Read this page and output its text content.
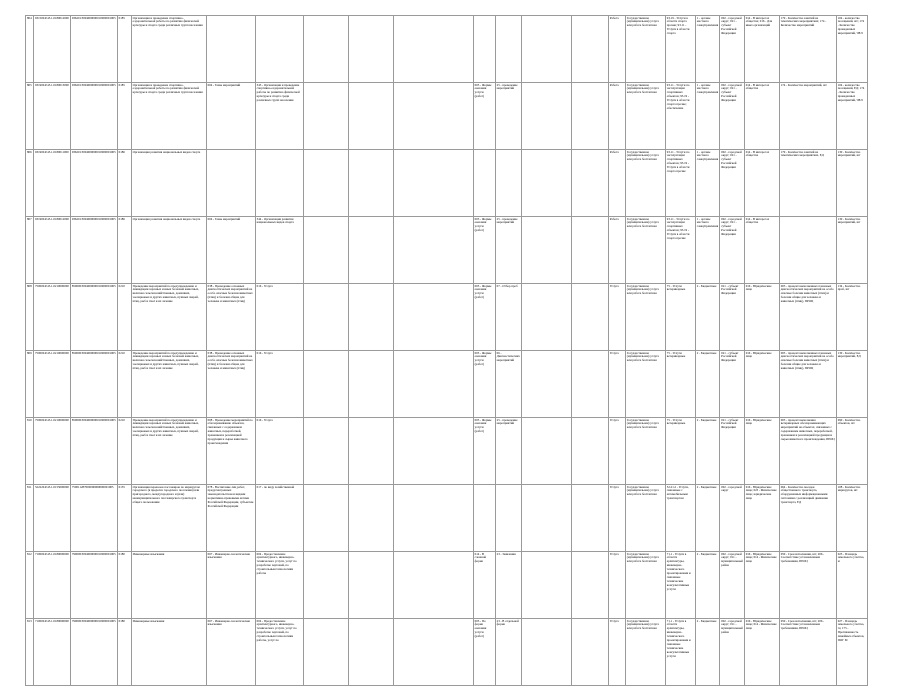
804	931500.Р.45.1.0180012000	936201Э004000000010000001005	0185	Организация и проведение спортивно-оздоровительной работы по развитию физической культуры и спорта среди различных групп населения										Работа	Государственная (муниципальная) услуга или работа бесплатная	93.19 - Услуги в области спорта прочие; 93.11 - Услуги в области спорта	1 - органы местного самоуправления	002 - городской округ; 021 - субъект Российской Федерации	014 - В интересах общества; 016 - Для иных организаций	179 - Количество занятий на тематических мероприятиях; 174 - Количество мероприятий	104 - количество посещений, шт; 174 - Количество проведенных мероприятий, ЧЕЛ
805	931900.Р.45.1.0180013000	936201Э004000000010000001005	0185	Организация и проведение спортивно-оздоровительной работы по развитию физической культуры и спорта среди различных групп населения	004 - Темы мероприятий	343 - Организация и проведение спортивно-оздоровительной работы по развитию физической культуры и спорта среди различных групп населения				005 - Формы оказания услуги (работ)	25 - проведение мероприятий			Работа	Государственная (муниципальная) услуга или работа бесплатная	93.11 - Услуги по эксплуатации спортивных объектов; 93.19 - Услуги в области спорта прочие; обеспечение	1 - органы местного самоуправления	002 - городской округ; 021 - субъект Российской Федерации	014 - В интересах общества	174 - Количество мероприятий, шт	104 - количество посещений, ЕД; 174 - Количество проведенных мероприятий, ЧЕЛ
806	931900.Р.45.1.0180011000	936201Э004000000010000001005	0186	Организация развития национальных видов спорта										Работа	Государственная (муниципальная) услуга или работа бесплатная	93.11 - Услуги по эксплуатации спортивных объектов; 93.19 - Услуги в области спорта прочие	1 - органы местного самоуправления	002 - городской округ; 021 - субъект Российской Федерации	014 - В интересах общества	179 - Количество занятий на тематических мероприятиях, ЕД	130 - Количество мероприятий, шт
807	931900.Р.45.1.0180012000	936201Э004000000010000001005	0186	Организация развития национальных видов спорта	004 - Темы мероприятий	344 - Организация развития национальных видов спорта				005 - Формы оказания услуги (работ)	25 - проведение мероприятий			Работа	Государственная (муниципальная) услуга или работа бесплатная	93.11 - Услуги по эксплуатации спортивных объектов; 93.19 - Услуги в области спорта прочие	1 - органы местного самоуправления	002 - городской округ; 021 - субъект Российской Федерации	014 - В интересах общества		130 - Количество мероприятий, шт
808	750000.Р.45.1.0210000000	850000Э004000000010000001005	0210	Проведение мероприятий по предупреждению и ликвидации заразных и иных болезней животных, включая сельскохозяйственных, домашних, зоопарковых и других животных, пушных зверей, птиц, рыб и пчел и их лечение	038 - Проведение основных диагностических мероприятий на особо опасные болезни животных (птиц) и болезни общие для человека и животных (птиц)	016 - Услуга				005 - Формы оказания услуги (работ)	07 - Отбор проб			Услуга	Государственная (муниципальная) услуга или работа бесплатная	75 - Услуги ветеринарные	2 - Бюджетные	021 - субъект Российской Федерации	016 - Юридические лица	003 - процент выполненных плановых диагностических мероприятий на особо опасные болезни животных (птиц) и болезни общие для человека и животных (птиц), ПРОЦ	134 - Количество проб, шт
809	750000.Р.45.1.0210000000	850000Э004000000010000001005	0210	Проведение мероприятий по предупреждению и ликвидации заразных и иных болезней животных, включая сельскохозяйственных, домашних, зоопарковых и других животных, пушных зверей, птиц, рыб и пчел и их лечение	038 - Проведение основных диагностических мероприятий на особо опасные болезни животных (птиц) и болезни общие для человека и животных (птиц)	016 - Услуга				005 - Формы оказания услуги (работ)	06 - Диагностических мероприятий			Услуга	Государственная (муниципальная) услуга или работа бесплатная	75 - Услуги ветеринарные	2 - Бюджетные	021 - субъект Российской Федерации	016 - Юридические лица	003 - процент выполненных плановых диагностических мероприятий на особо опасные болезни животных (птиц) и болезни общие для человека и животных (птиц), ПРОЦ	130 - Количество мероприятий, ЕД
810	750000.Р.45.1.0210000000	850000Э004000000010000001005	0210	Проведение мероприятий по предупреждению и ликвидации заразных и иных болезней животных, включая сельскохозяйственных, домашних, зоопарковых и других животных, пушных зверей, птиц, рыб и пчел и их лечение	008 - Проведение мероприятий по обеззараживанию объектов, связанных с содержанием животных, переработкой, хранением и реализацией продукции и сырья животного происхождения	016 - Услуга				005 - Формы оказания услуги (работ)	25 - проведение мероприятий			Услуга	Государственная (муниципальная) услуга или работа бесплатная	75 - Услуги ветеринарные	2 - Бюджетные	021 - субъект Российской Федерации	016 - Юридические лица	003 - процент выполнения ветеринарных обеззараживающих мероприятий на объектах, связанных с содержанием животных, переработкой, хранением и реализацией продукции и сырья животного происхождения, ПРОЦ	090 - Количество объектов, шт
811	522220.Р.45.1.0155000000	750011287000000000000001005	0155	Организация перевозок пассажиров по маршрутам городского (в пределах городского поселения) или пригородного, междугородного и (или) межмуниципального пассажирского транспорта общего пользования	078 - Воспитание лиц работ, предусмотренных законодательством и видами нормативно-правовыми актами Российской Федерации, субъектом Российской Федерации	017 - по виду хозяйственной								Услуга	Государственная (муниципальная) услуга или работа бесплатная	52.21.2 - Услуги, связанные с автомобильным транспортом	2 - Бюджетные	002 - городской округ	016 - Юридические лица; 023 - Физические лица; юридические лица	064 - Количество поездок общественного транспорта, оборудованных информационными системами с реализацией движения транспорта, ЕД	108 - Количество маршрутов, шт
812	710000.Р.45.1.0180000000	790000Э004000000010000001005	0180	Инженерные изыскания	067 - Инженерно-геологические изыскания	004 - Предоставление архитектурного, инженерно-технического услуги, услуг по разработке чертежей, по строительным технологиям работы				014 - В сложной форме	23 - Заявления			Услуга	Государственная (муниципальная) услуга или работа бесплатная	71.1 - Услуги в области архитектуры, инженерно-технического проектирования и связанные технические консультативные услуги	2 - Бюджетные	002 - городской округ; 011 - муниципальный район	016 - Юридические лица; 014 - Физические лица	050 - Срок исполнения, шт; 206 - Соответствие установленным требованиям, ПРОЦ	025 - Площадь земельного участка, м
813	710000.Р.45.1.0180000000	790000Э004000000010000001005	0180	Инженерные изыскания	067 - Инженерно-геологические изыскания	004 - Предоставление архитектурного, инженерно-технического услуги, услуг по разработке чертежей, по строительным технологиям работы, услуг по				005 - По форме оказания услуги (работ)	23 - В отдельной форме			Услуга	Государственная (муниципальная) услуга или работа бесплатная	71.1 - Услуги в области архитектуры, инженерно-технического проектирования и связанные технические консультативные услуги	2 - Бюджетные	002 - городской округ; 011 - муниципальный район	016 - Юридические лица; 014 - Физические лица	050 - Срок исполнения, шт; 206 - Соответствие установленным требованиям, ПРОЦ	027 - Площадь земельного участка, га; 175 - Протяженность линейных объектов, ПОГ М
